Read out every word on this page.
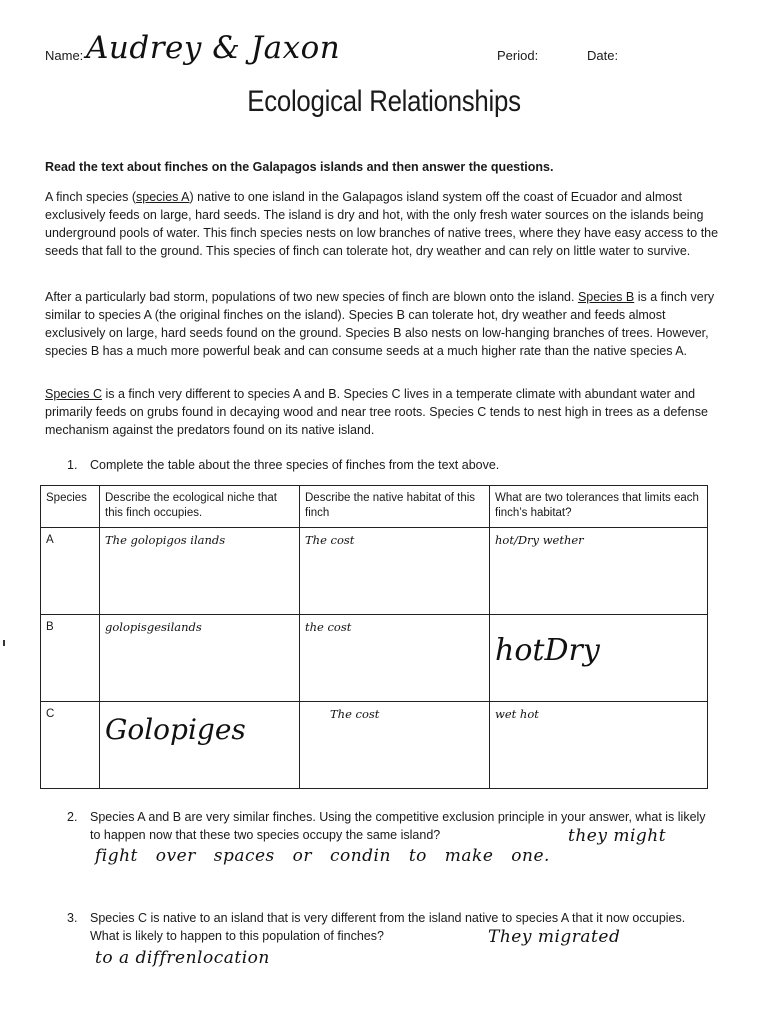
Name: Audrey & Jaxon	Period:	Date:
Ecological Relationships
Read the text about finches on the Galapagos islands and then answer the questions.
A finch species (species A) native to one island in the Galapagos island system off the coast of Ecuador and almost exclusively feeds on large, hard seeds. The island is dry and hot, with the only fresh water sources on the islands being underground pools of water. This finch species nests on low branches of native trees, where they have easy access to the seeds that fall to the ground. This species of finch can tolerate hot, dry weather and can rely on little water to survive.
After a particularly bad storm, populations of two new species of finch are blown onto the island. Species B is a finch very similar to species A (the original finches on the island). Species B can tolerate hot, dry weather and feeds almost exclusively on large, hard seeds found on the ground. Species B also nests on low-hanging branches of trees. However, species B has a much more powerful beak and can consume seeds at a much higher rate than the native species A.
Species C is a finch very different to species A and B. Species C lives in a temperate climate with abundant water and primarily feeds on grubs found in decaying wood and near tree roots. Species C tends to nest high in trees as a defense mechanism against the predators found on its native island.
1. Complete the table about the three species of finches from the text above.
Species	Describe the ecological niche that this finch occupies.	Describe the native habitat of this finch	What are two tolerances that limits each finch’s habitat?
A	The golopigos ilands	The cost	hot/Dry wether
B	golopisgesilands	the cost	hotDry
C	Golopiges	The cost	wet hot
2. Species A and B are very similar finches. Using the competitive exclusion principle in your answer, what is likely to happen now that these two species occupy the same island?	they might
fight over spaces or condin to make one.
3. Species C is native to an island that is very different from the island native to species A that it now occupies. What is likely to happen to this population of finches?	They migrated
to a diffrenlocation
